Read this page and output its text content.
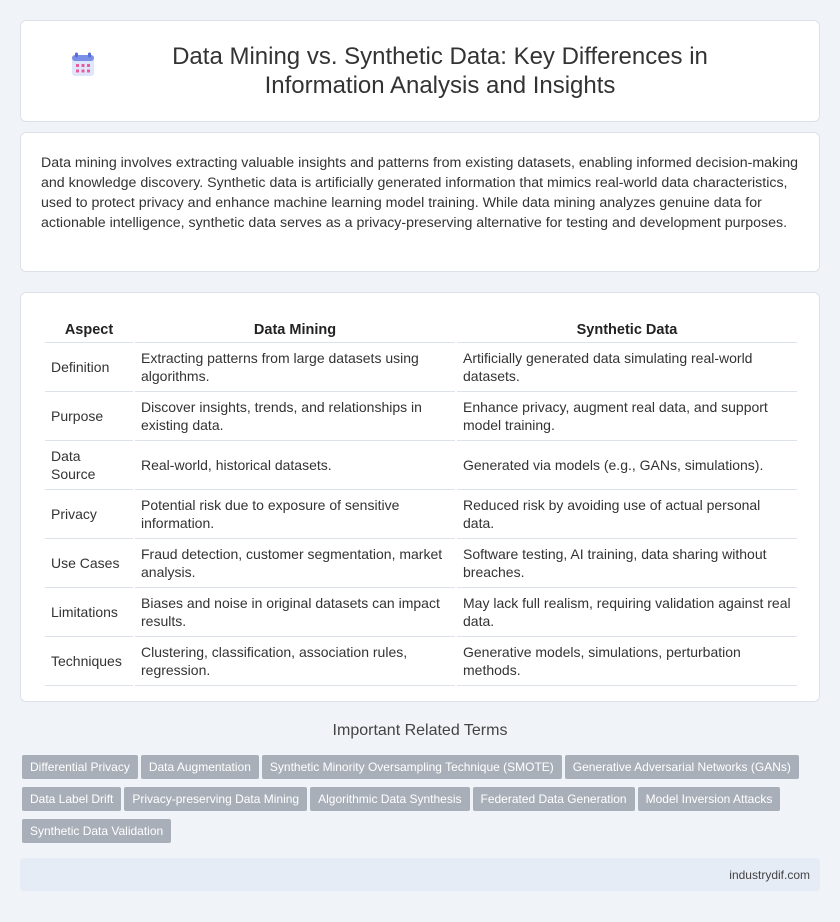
Data Mining vs. Synthetic Data: Key Differences in Information Analysis and Insights

Data mining involves extracting valuable insights and patterns from existing datasets, enabling informed decision-making and knowledge discovery. Synthetic data is artificially generated information that mimics real-world data characteristics, used to protect privacy and enhance machine learning model training. While data mining analyzes genuine data for actionable intelligence, synthetic data serves as a privacy-preserving alternative for testing and development purposes.

Aspect	Data Mining	Synthetic Data
Definition	Extracting patterns from large datasets using algorithms.	Artificially generated data simulating real-world datasets.
Purpose	Discover insights, trends, and relationships in existing data.	Enhance privacy, augment real data, and support model training.
Data Source	Real-world, historical datasets.	Generated via models (e.g., GANs, simulations).
Privacy	Potential risk due to exposure of sensitive information.	Reduced risk by avoiding use of actual personal data.
Use Cases	Fraud detection, customer segmentation, market analysis.	Software testing, AI training, data sharing without breaches.
Limitations	Biases and noise in original datasets can impact results.	May lack full realism, requiring validation against real data.
Techniques	Clustering, classification, association rules, regression.	Generative models, simulations, perturbation methods.
Important Related Terms
Differential Privacy Data Augmentation Synthetic Minority Oversampling Technique (SMOTE) Generative Adversarial Networks (GANs)
Data Label Drift Privacy-preserving Data Mining Algorithmic Data Synthesis Federated Data Generation Model Inversion Attacks
Synthetic Data Validation
industrydif.com
